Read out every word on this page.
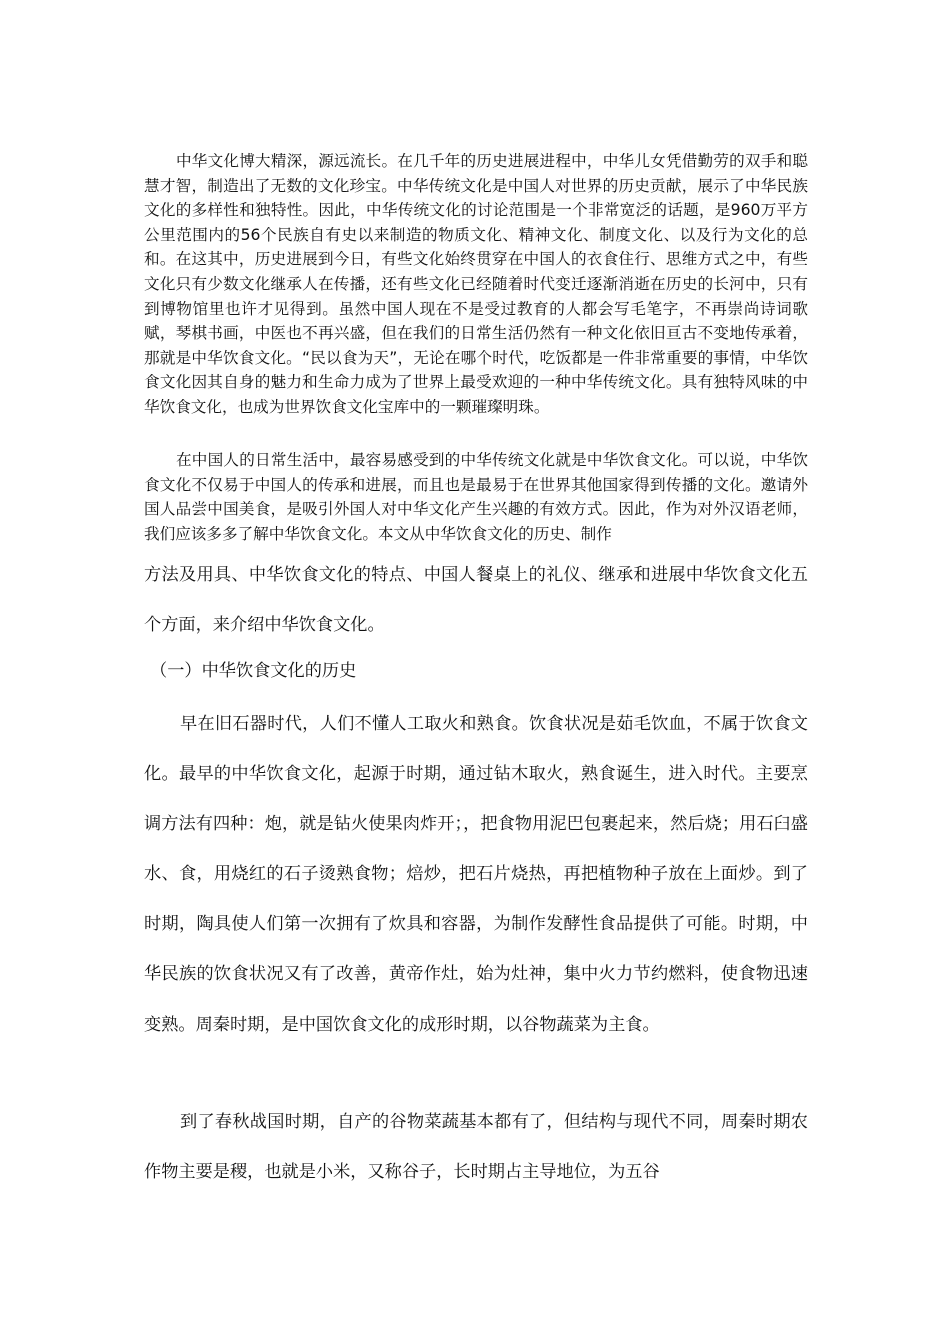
中华文化博大精深，源远流长。在几千年的历史进展进程中，中华儿女凭借勤劳的双手和聪慧才智，制造出了无数的文化珍宝。中华传统文化是中国人对世界的历史贡献，展示了中华民族文化的多样性和独特性。因此，中华传统文化的讨论范围是一个非常宽泛的话题，是960万平方公里范围内的56个民族自有史以来制造的物质文化、精神文化、制度文化、以及行为文化的总和。在这其中，历史进展到今日，有些文化始终贯穿在中国人的衣食住行、思维方式之中，有些文化只有少数文化继承人在传播，还有些文化已经随着时代变迁逐渐消逝在历史的长河中，只有到博物馆里也许才见得到。虽然中国人现在不是受过教育的人都会写毛笔字，不再崇尚诗词歌赋，琴棋书画，中医也不再兴盛，但在我们的日常生活仍然有一种文化依旧亘古不变地传承着，那就是中华饮食文化。“民以食为天”，无论在哪个时代，吃饭都是一件非常重要的事情，中华饮食文化因其自身的魅力和生命力成为了世界上最受欢迎的一种中华传统文化。具有独特风味的中华饮食文化，也成为世界饮食文化宝库中的一颗璀璨明珠。

在中国人的日常生活中，最容易感受到的中华传统文化就是中华饮食文化。可以说，中华饮食文化不仅易于中国人的传承和进展，而且也是最易于在世界其他国家得到传播的文化。邀请外国人品尝中国美食，是吸引外国人对中华文化产生兴趣的有效方式。因此，作为对外汉语老师，我们应该多多了解中华饮食文化。本文从中华饮食文化的历史、制作

方法及用具、中华饮食文化的特点、中国人餐桌上的礼仪、继承和进展中华饮食文化五个方面，来介绍中华饮食文化。

（一）中华饮食文化的历史

早在旧石器时代，人们不懂人工取火和熟食。饮食状况是茹毛饮血，不属于饮食文化。最早的中华饮食文化，起源于时期，通过钻木取火，熟食诞生，进入时代。主要烹调方法有四种：炮，就是钻火使果肉炸开；，把食物用泥巴包裹起来，然后烧；用石臼盛水、食，用烧红的石子烫熟食物；焙炒，把石片烧热，再把植物种子放在上面炒。到了时期，陶具使人们第一次拥有了炊具和容器，为制作发酵性食品提供了可能。时期，中华民族的饮食状况又有了改善，黄帝作灶，始为灶神，集中火力节约燃料，使食物迅速变熟。周秦时期，是中国饮食文化的成形时期，以谷物蔬菜为主食。

到了春秋战国时期，自产的谷物菜蔬基本都有了，但结构与现代不同，周秦时期农作物主要是稷，也就是小米，又称谷子，长时期占主导地位，为五谷
